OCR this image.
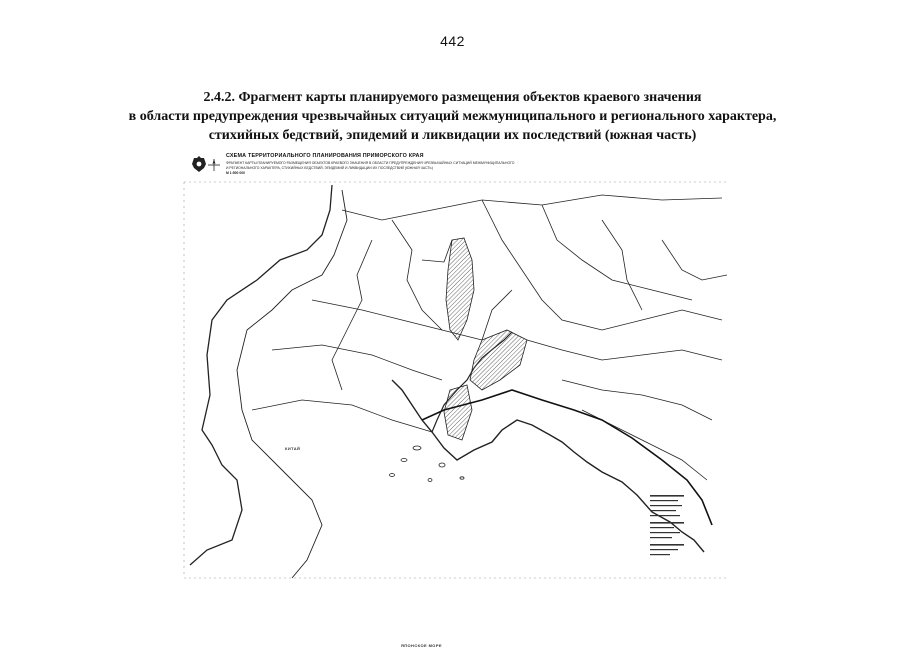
442
2.4.2. Фрагмент карты планируемого размещения объектов краевого значения
в области предупреждения чрезвычайных ситуаций межмуниципального и регионального характера,
стихийных бедствий, эпидемий и ликвидации их последствий (южная часть)
СХЕМА ТЕРРИТОРИАЛЬНОГО ПЛАНИРОВАНИЯ ПРИМОРСКОГО КРАЯ
ФРАГМЕНТ КАРТЫ ПЛАНИРУЕМОГО РАЗМЕЩЕНИЯ ОБЪЕКТОВ КРАЕВОГО ЗНАЧЕНИЯ В ОБЛАСТИ ПРЕДУПРЕЖДЕНИЯ ЧРЕЗВЫЧАЙНЫХ СИТУАЦИЙ МЕЖМУНИЦИПАЛЬНОГО
И РЕГИОНАЛЬНОГО ХАРАКТЕРА, СТИХИЙНЫХ БЕДСТВИЙ, ЭПИДЕМИЙ И ЛИКВИДАЦИИ ИХ ПОСЛЕДСТВИЙ (ЮЖНАЯ ЧАСТЬ)
М 1:500 000
КИТАЙ
ЯПОНСКОЕ МОРЕ
